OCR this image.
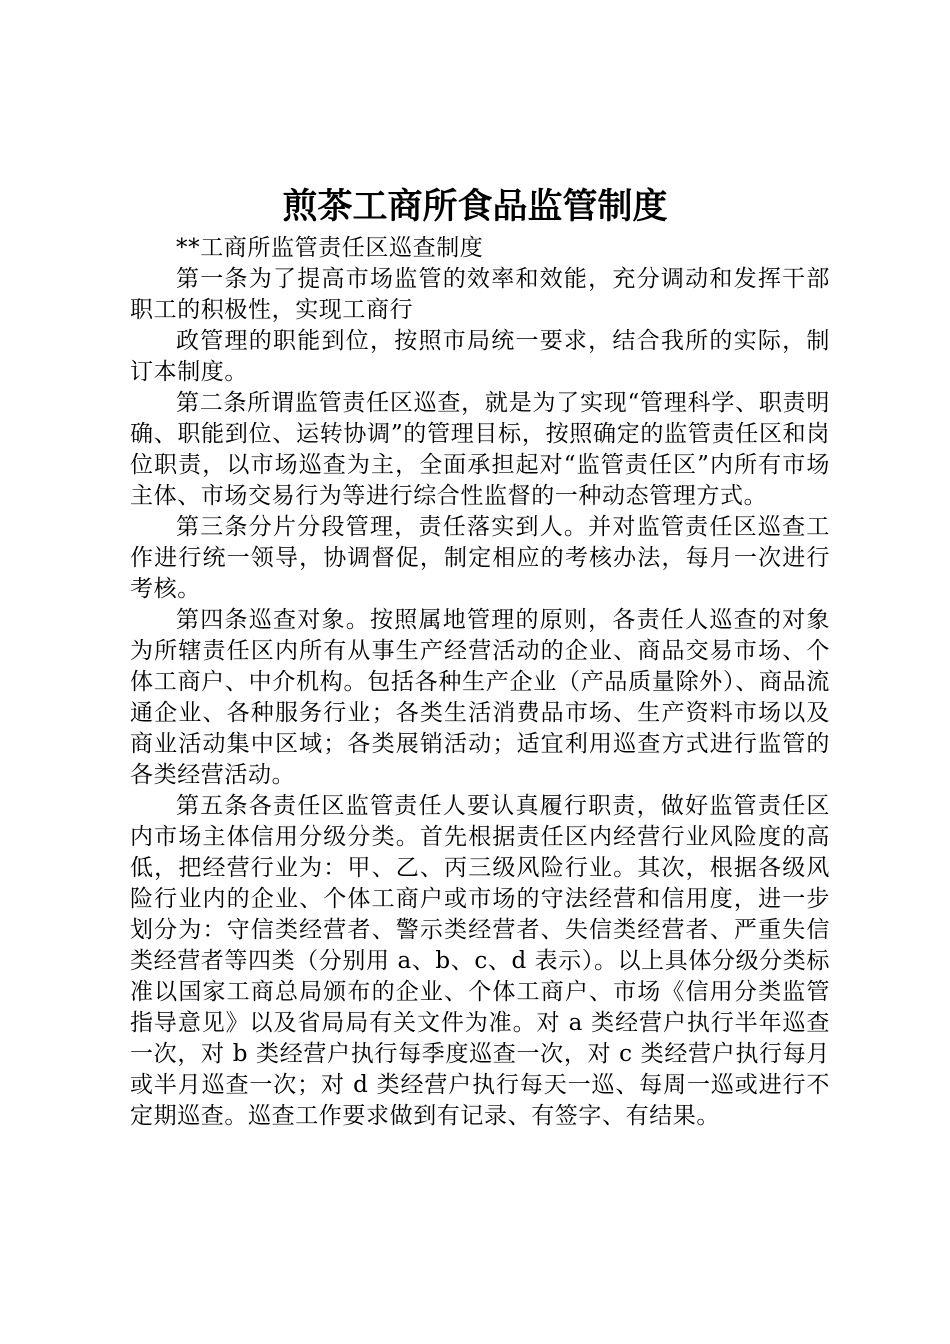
煎茶工商所食品监管制度

**工商所监管责任区巡查制度

第一条为了提高市场监管的效率和效能，充分调动和发挥干部职工的积极性，实现工商行

政管理的职能到位，按照市局统一要求，结合我所的实际，制订本制度。

第二条所谓监管责任区巡查，就是为了实现“管理科学、职责明确、职能到位、运转协调”的管理目标，按照确定的监管责任区和岗位职责，以市场巡查为主，全面承担起对“监管责任区”内所有市场主体、市场交易行为等进行综合性监督的一种动态管理方式。

第三条分片分段管理，责任落实到人。并对监管责任区巡查工作进行统一领导，协调督促，制定相应的考核办法，每月一次进行考核。

第四条巡查对象。按照属地管理的原则，各责任人巡查的对象为所辖责任区内所有从事生产经营活动的企业、商品交易市场、个体工商户、中介机构。包括各种生产企业（产品质量除外）、商品流通企业、各种服务行业；各类生活消费品市场、生产资料市场以及商业活动集中区域；各类展销活动；适宜利用巡查方式进行监管的各类经营活动。

第五条各责任区监管责任人要认真履行职责，做好监管责任区内市场主体信用分级分类。首先根据责任区内经营行业风险度的高低，把经营行业为：甲、乙、丙三级风险行业。其次，根据各级风险行业内的企业、个体工商户或市场的守法经营和信用度，进一步划分为：守信类经营者、警示类经营者、失信类经营者、严重失信类经营者等四类（分别用 a、b、c、d 表示）。以上具体分级分类标准以国家工商总局颁布的企业、个体工商户、市场《信用分类监管指导意见》以及省局局有关文件为准。对 a 类经营户执行半年巡查一次，对 b 类经营户执行每季度巡查一次，对 c 类经营户执行每月或半月巡查一次；对 d 类经营户执行每天一巡、每周一巡或进行不定期巡查。巡查工作要求做到有记录、有签字、有结果。
